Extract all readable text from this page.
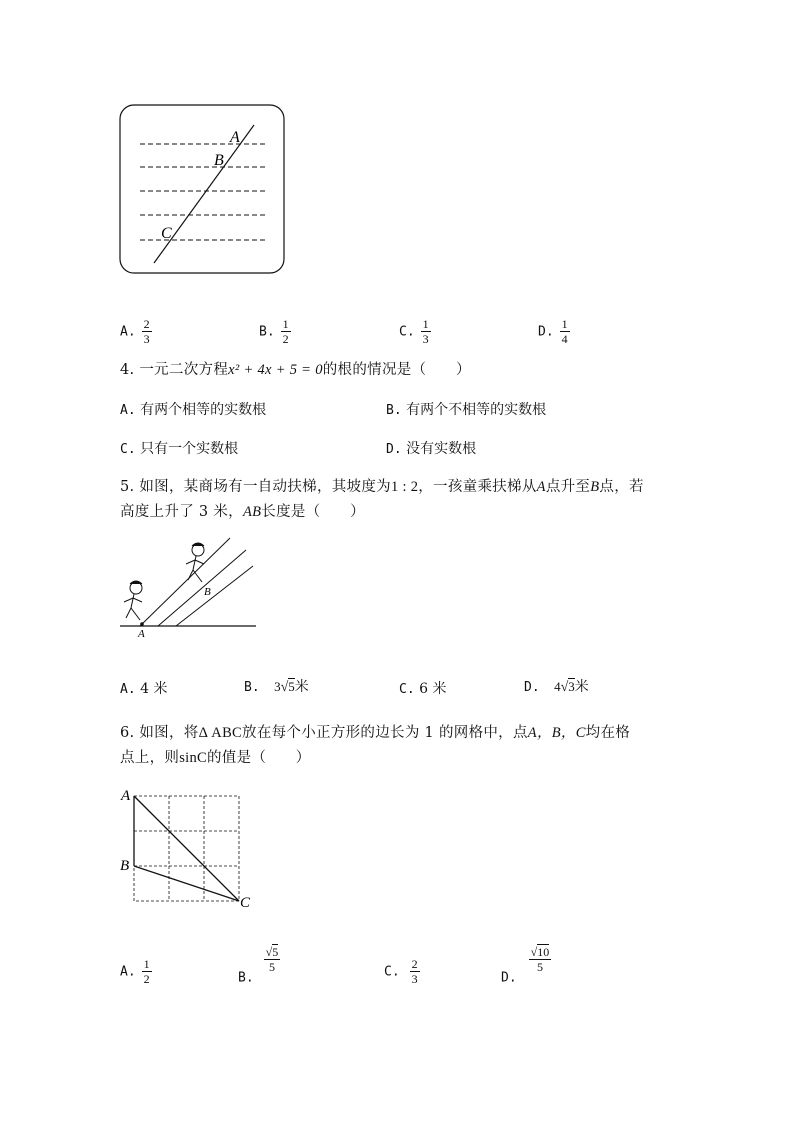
A
B
C
A. $\frac{2}{3}$	B. $\frac{1}{2}$	C. $\frac{1}{3}$	D. $\frac{1}{4}$
4. 一元二次方程x² + 4x + 5 = 0的根的情况是（　　）
A. 有两个相等的实数根	B. 有两个不相等的实数根
C. 只有一个实数根	D. 没有实数根
5. 如图，某商场有一自动扶梯，其坡度为1 : 2，一孩童乘扶梯从A点升至B点，若
高度上升了 3 米，AB长度是（　　）
A
B
A. 4 米	B. 3√5米	C. 6 米	D. 4√3米
6. 如图，将Δ ABC放在每个小正方形的边长为 1 的网格中，点A，B，C均在格
点上，则sinC的值是（　　）
A
B
C
A. $\frac{1}{2}$	B.
$\frac{√5}{5}$	C. $\frac{2}{3}$	D.
$\frac{√10}{5}$
